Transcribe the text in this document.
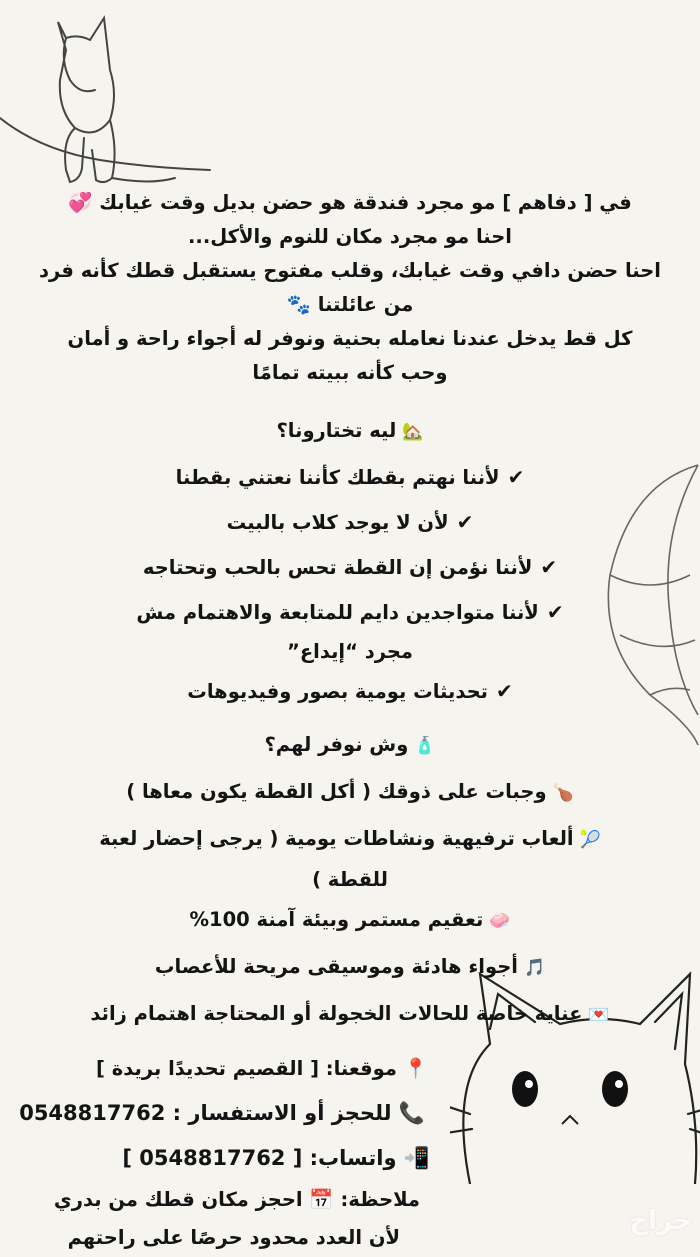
في [ دفاهم ] مو مجرد فندقة هو حضن بديل وقت غيابك 💞
احنا مو مجرد مكان للنوم والأكل...
احنا حضن دافي وقت غيابك، وقلب مفتوح يستقبل قطك كأنه فرد
من عائلتنا 🐾
كل قط يدخل عندنا نعامله بحنية ونوفر له أجواء راحة و أمان
وحب كأنه ببيته تمامًا
🏡ليه تختارونا؟
✔لأننا نهتم بقطك كأننا نعتني بقطنا
✔لأن لا يوجد كلاب بالبيت
✔لأننا نؤمن إن القطة تحس بالحب وتحتاجه
✔لأننا متواجدين دايم للمتابعة والاهتمام مش
مجرد “إيداع”
✔تحديثات يومية بصور وفيديوهات
🧴وش نوفر لهم؟
🍗وجبات على ذوقك ( أكل القطة يكون معاها )
🎾ألعاب ترفيهية ونشاطات يومية ( يرجى إحضار لعبة
للقطة )
🧼تعقيم مستمر وبيئة آمنة 100%
🎵أجواء هادئة وموسيقى مريحة للأعصاب
💌عناية خاصة للحالات الخجولة أو المحتاجة اهتمام زائد
📍 موقعنا: [ القصيم تحديدًا بريدة ]
📞 للحجز أو الاستفسار : 0548817762
📲 واتساب: [ 0548817762 ]
ملاحظة: 📅 احجز مكان قطك من بدري
لأن العدد محدود حرصًا على راحتهم
حراج
